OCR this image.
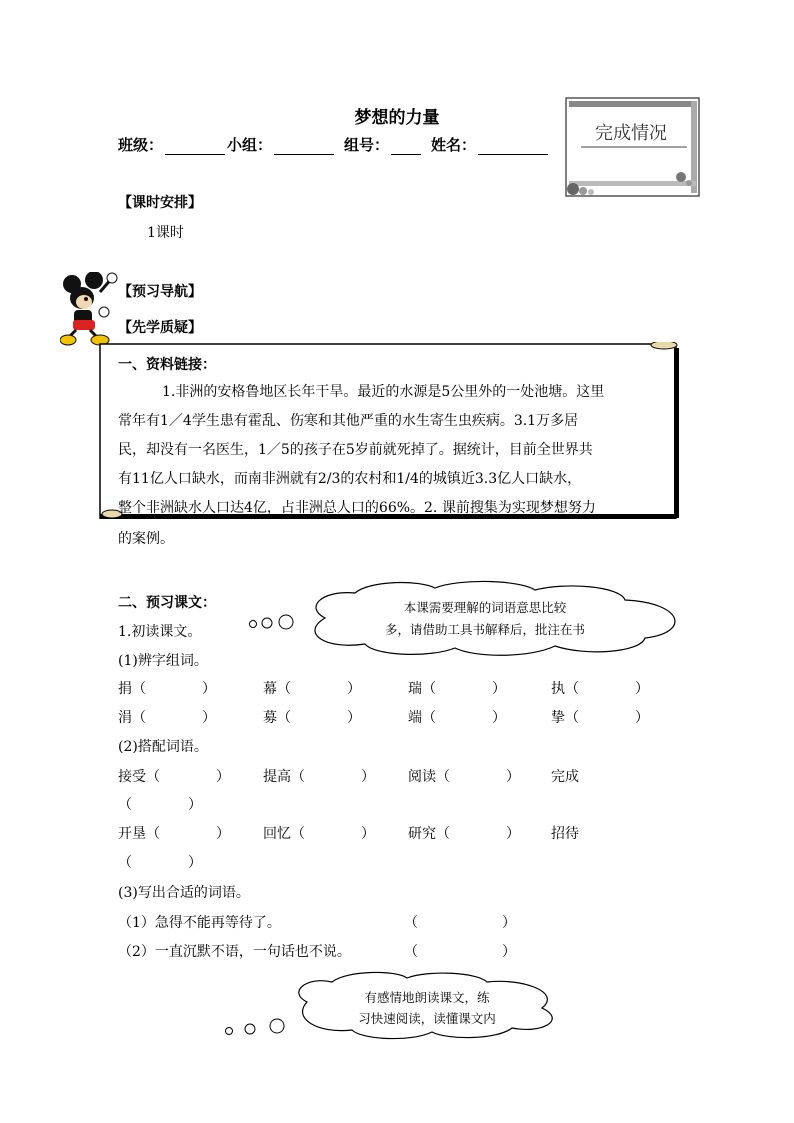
梦想的力量
班级：	小组：	组号：	姓名：
完成情况
【课时安排】
1课时
【预习导航】
【先学质疑】
一、资料链接：
1.非洲的安格鲁地区长年干旱。最近的水源是5公里外的一处池塘。这里
常年有1／4学生患有霍乱、伤寒和其他严重的水生寄生虫疾病。3.1万多居
民，却没有一名医生，1／5的孩子在5岁前就死掉了。据统计，目前全世界共
有11亿人口缺水，而南非洲就有2/3的农村和1/4的城镇近3.3亿人口缺水，
整个非洲缺水人口达4亿，占非洲总人口的66%。2. 课前搜集为实现梦想努力
的案例。
二、预习课文：
1.初读课文。
本课需要理解的词语意思比较
多，请借助工具书解释后，批注在书
(1)辨字组词。
捐（　　　　）	幕（　　　　）	瑞（　　　　）	执（　　　　）
涓（　　　　）	募（　　　　）	端（　　　　）	挚（　　　　）
(2)搭配词语。
接受（　　　　） 提高（　　　　） 阅读（　　　　） 完成
（　　　　）
开垦（　　　　） 回忆（　　　　） 研究（　　　　） 招待
（　　　　）
(3)写出合适的词语。
（1）急得不能再等待了。	（　　　　　　）
（2）一直沉默不语，一句话也不说。	（　　　　　　）
有感情地朗读课文，练
习快速阅读，读懂课文内
